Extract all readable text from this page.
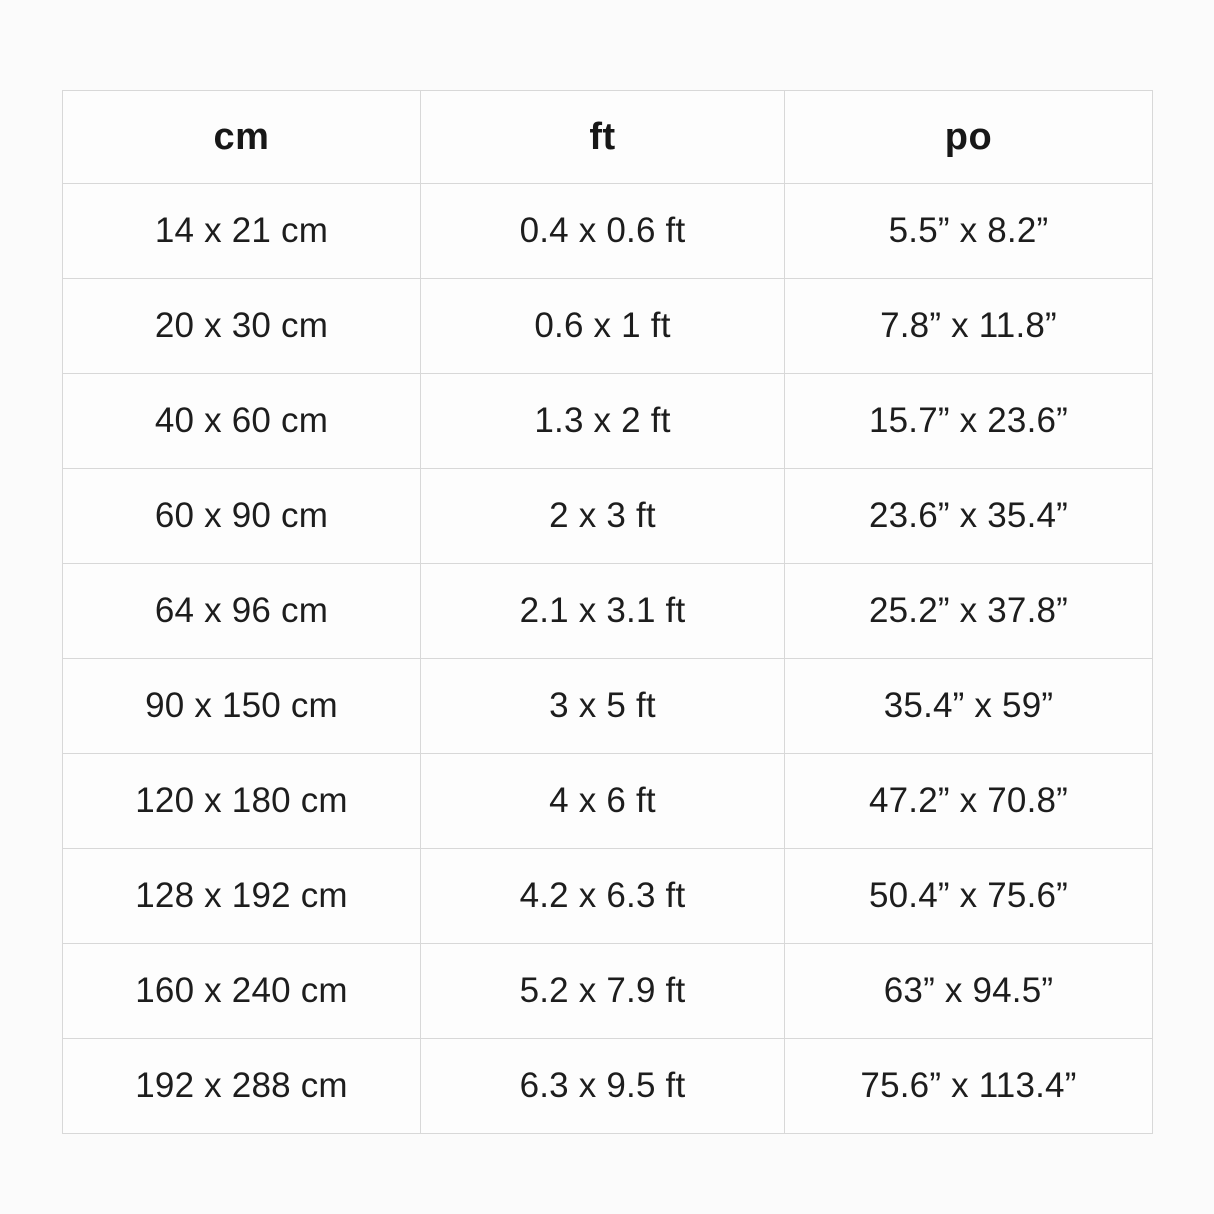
cm	ft	po
14 x 21 cm	0.4 x 0.6 ft	5.5” x 8.2”
20 x 30 cm	0.6 x 1 ft	7.8” x 11.8”
40 x 60 cm	1.3 x 2 ft	15.7” x 23.6”
60 x 90 cm	2 x 3 ft	23.6” x 35.4”
64 x 96 cm	2.1 x 3.1 ft	25.2” x 37.8”
90 x 150 cm	3 x 5 ft	35.4” x 59”
120 x 180 cm	4 x 6 ft	47.2” x 70.8”
128 x 192 cm	4.2 x 6.3 ft	50.4” x 75.6”
160 x 240 cm	5.2 x 7.9 ft	63” x 94.5”
192 x 288 cm	6.3 x 9.5 ft	75.6” x 113.4”
